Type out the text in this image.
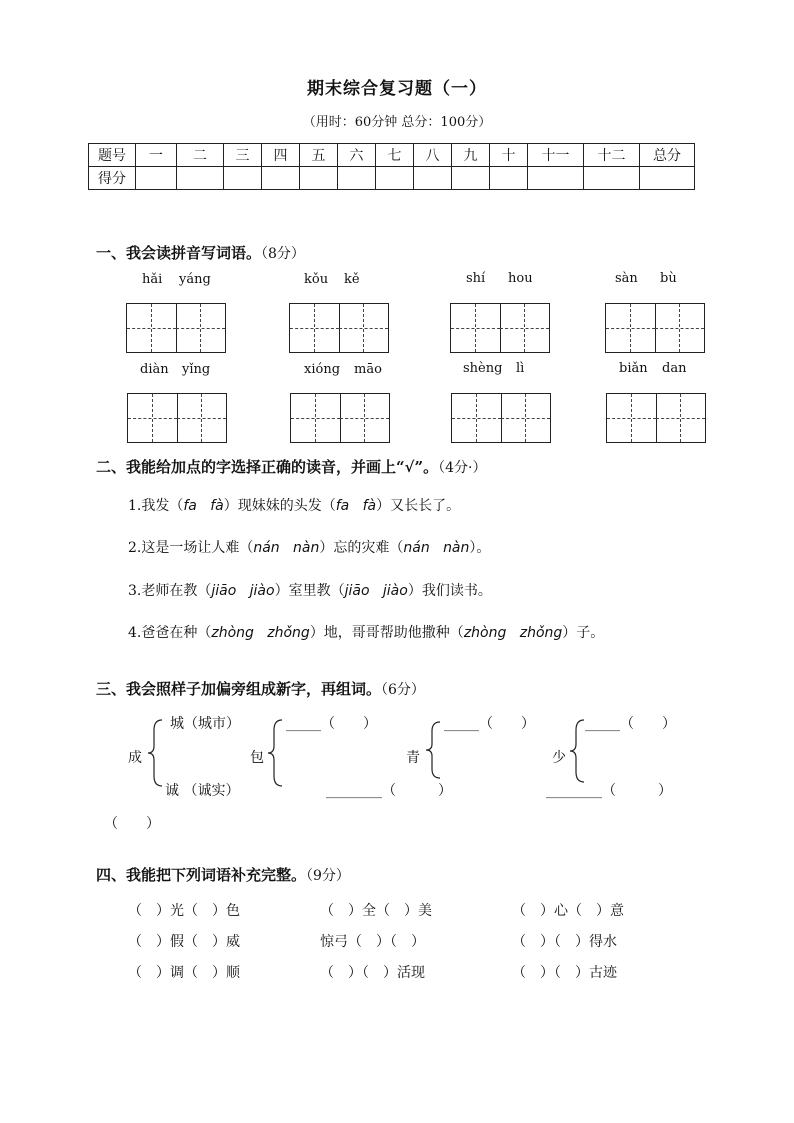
期末综合复习题（一）
（用时：60分钟 总分：100分）
题号	一	二	三	四	五	六	七	八	九	十	十一	十二	总分
得分													
一、我会读拼音写词语。（8分）
hǎi yáng	kǒu kě	shí hou	sàn bù
diàn yǐng	xióng māo	shèng lì	biǎn dan
二、我能给加点的字选择正确的读音，并画上“√”。（4分·）
1.我发（fa fà）现妹妹的头发（fa fà）又长长了。
2.这是一场让人难（nán nàn）忘的灾难（nán nàn）。
3.老师在教（jiāo jiào）室里教（jiāo jiào）我们读书。
4.爸爸在种（zhòng zhǒng）地，哥哥帮助他撒种（zhòng zhǒng）子。
三、我会照样子加偏旁组成新字，再组词。（6分）
成
城（城市）
诚 （诚实）
包
_____（　　）
________（　　　）
青
_____（　　）
少
_____（　　）
________（　　　）
（　　）
四、我能把下列词语补充完整。（9分）
（　）光（　）色	（　）全（　）美	（　）心（　）意
（　）假（　）威	惊弓（　）（　）	（　）（　）得水
（　）调（　）顺	（　）（　）活现	（　）（　）古迹
